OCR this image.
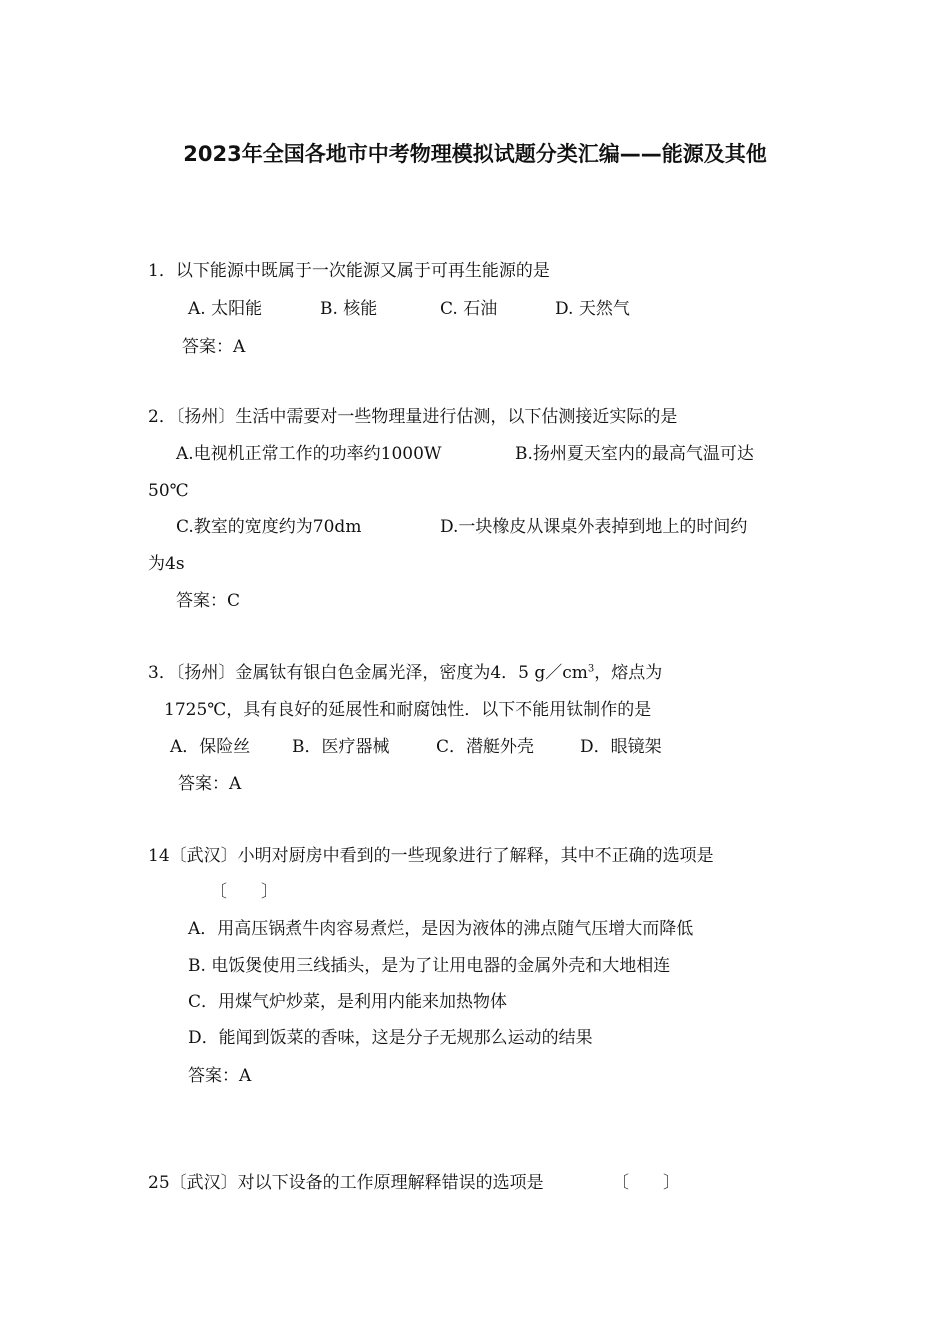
2023年全国各地市中考物理模拟试题分类汇编——能源及其他
1．以下能源中既属于一次能源又属于可再生能源的是
A. 太阳能	B. 核能	C. 石油	D. 天然气
答案：A
2．〔扬州〕生活中需要对一些物理量进行估测，以下估测接近实际的是
A.电视机正常工作的功率约1000W	B.扬州夏天室内的最高气温可达
50℃
C.教室的宽度约为70dm	D.一块橡皮从课桌外表掉到地上的时间约
为4s
答案：C
3．〔扬州〕金属钛有银白色金属光泽，密度为4．5 $g/cm^3$，熔点为
1725℃，具有良好的延展性和耐腐蚀性．以下不能用钛制作的是
A．保险丝 B．医疗器械	C．潜艇外壳	D．眼镜架
答案：A
14〔武汉〕小明对厨房中看到的一些现象进行了解释，其中不正确的选项是
〔　　〕
A．用高压锅煮牛肉容易煮烂，是因为液体的沸点随气压增大而降低
B. 电饭煲使用三线插头，是为了让用电器的金属外壳和大地相连
C．用煤气炉炒菜，是利用内能来加热物体
D．能闻到饭菜的香味，这是分子无规那么运动的结果
答案：A
25〔武汉〕对以下设备的工作原理解释错误的选项是	〔　　〕
